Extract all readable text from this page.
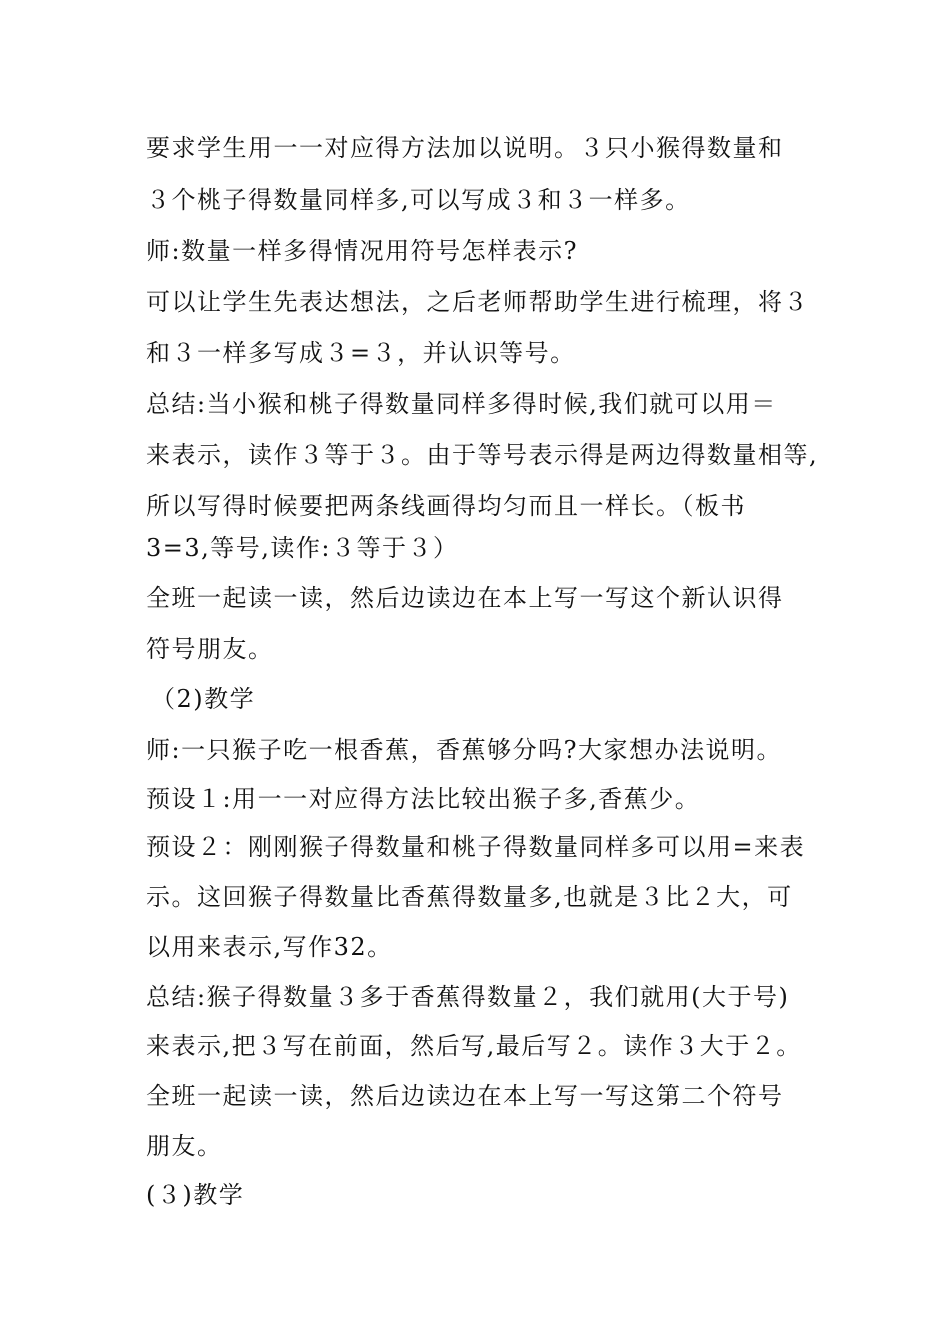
要求学生用一一对应得方法加以说明。３只小猴得数量和
３个桃子得数量同样多,可以写成３和３一样多。
师:数量一样多得情况用符号怎样表示?
可以让学生先表达想法，之后老师帮助学生进行梳理，将３
和３一样多写成３=３，并认识等号。
总结:当小猴和桃子得数量同样多得时候,我们就可以用＝
来表示，读作３等于３。由于等号表示得是两边得数量相等,
所以写得时候要把两条线画得均匀而且一样长。（板书
3=3,等号,读作:３等于３）
全班一起读一读，然后边读边在本上写一写这个新认识得
符号朋友。
（2)教学
师:一只猴子吃一根香蕉，香蕉够分吗?大家想办法说明。
预设１:用一一对应得方法比较出猴子多,香蕉少。
预设２：刚刚猴子得数量和桃子得数量同样多可以用=来表
示。这回猴子得数量比香蕉得数量多,也就是３比２大，可
以用来表示,写作32。
总结:猴子得数量３多于香蕉得数量２，我们就用(大于号)
来表示,把３写在前面，然后写,最后写２。读作３大于２。
全班一起读一读，然后边读边在本上写一写这第二个符号
朋友。
(３)教学
